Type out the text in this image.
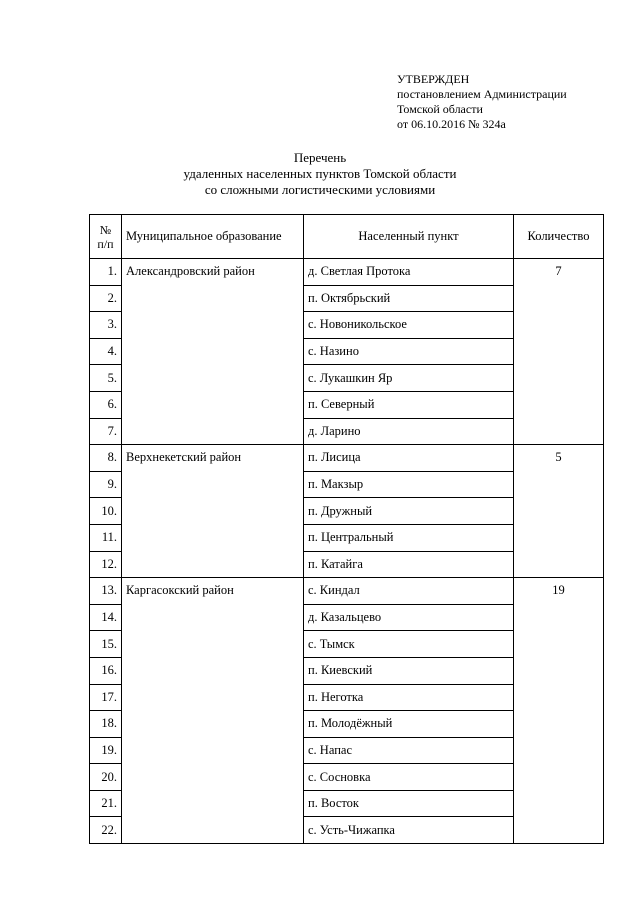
УТВЕРЖДЕН
постановлением Администрации
Томской области
от 06.10.2016 № 324а
Перечень
удаленных населенных пунктов Томской области
со сложными логистическими условиями
№
п/п	Муниципальное образование	Населенный пункт	Количество
1.	Александровский район	д. Светлая Протока	7
2.		п. Октябрьский	
3.		с. Новоникольское	
4.		с. Назино	
5.		с. Лукашкин Яр	
6.		п. Северный	
7.		д. Ларино	
8.	Верхнекетский район	п. Лисица	5
9.		п. Макзыр	
10.		п. Дружный	
11.		п. Центральный	
12.		п. Катайга	
13.	Каргасокский район	с. Киндал	19
14.		д. Казальцево	
15.		с. Тымск	
16.		п. Киевский	
17.		п. Неготка	
18.		п. Молодёжный	
19.		с. Напас	
20.		с. Сосновка	
21.		п. Восток	
22.		с. Усть-Чижапка	
